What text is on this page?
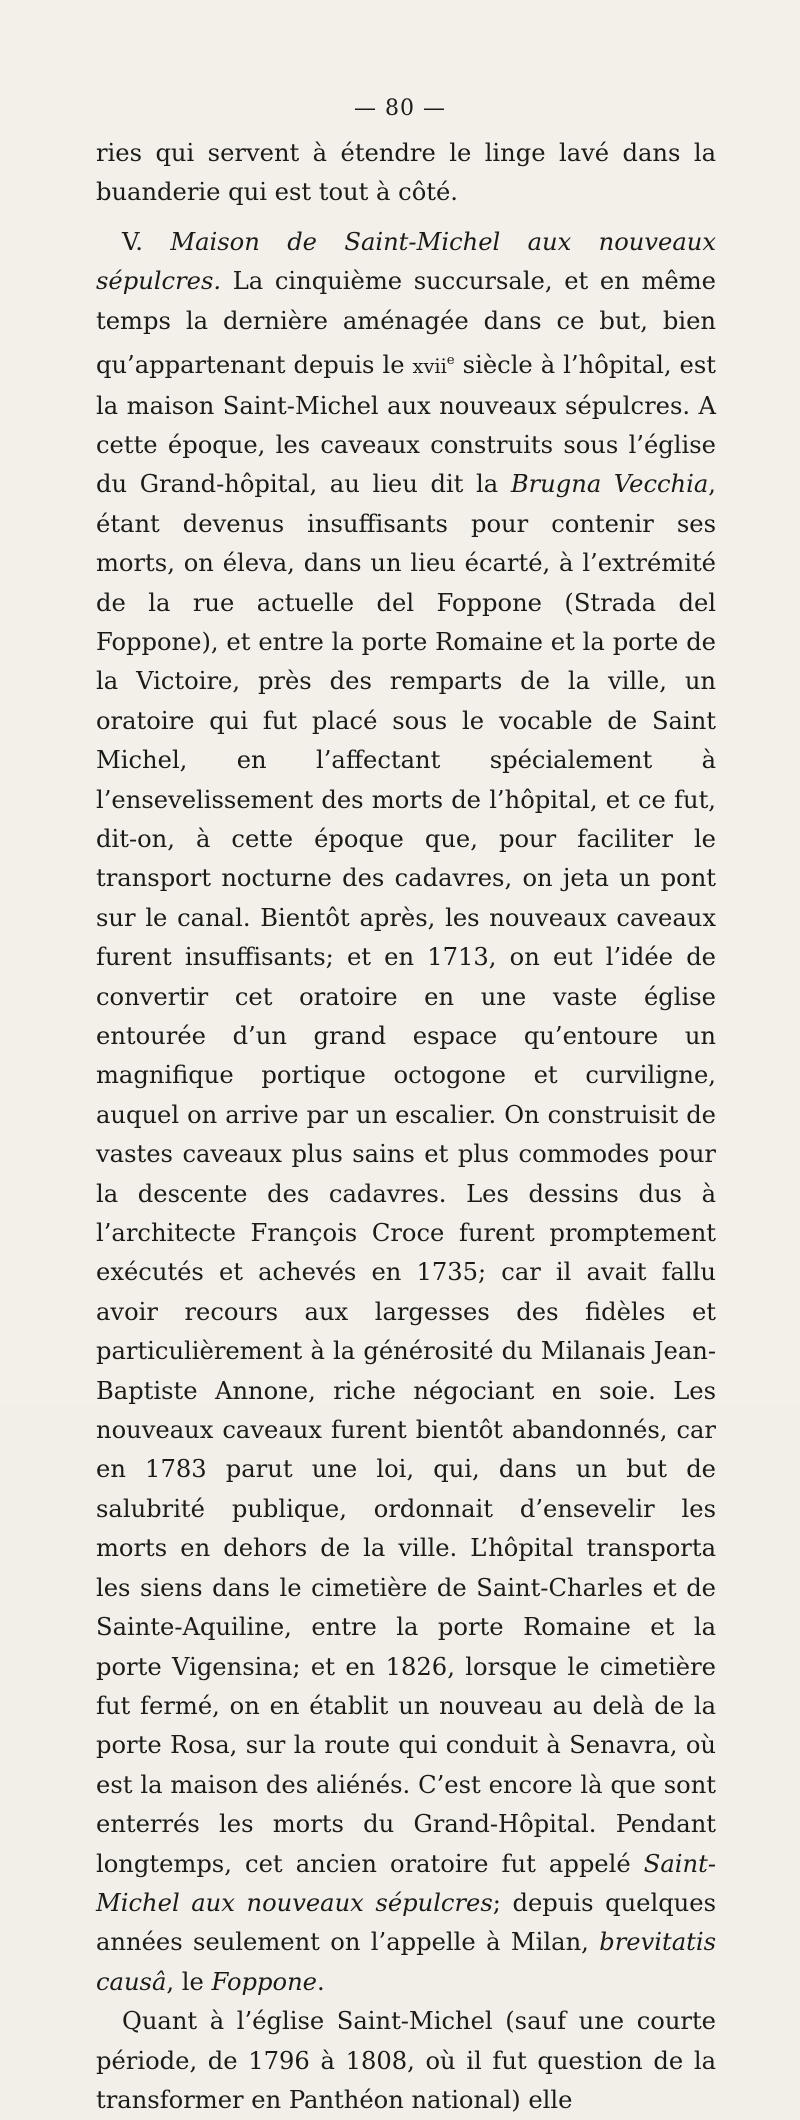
— 80 —

ries qui servent à étendre le linge lavé dans la buanderie qui est tout à côté.

V. Maison de Saint-Michel aux nouveaux sépulcres. La cinquième succursale, et en même temps la dernière aménagée dans ce but, bien qu’appartenant depuis le xvii$^e$ siècle à l’hôpital, est la maison Saint-Michel aux nouveaux sépulcres. A cette époque, les caveaux construits sous l’église du Grand-hôpital, au lieu dit la Brugna Vecchia, étant devenus insuffisants pour contenir ses morts, on éleva, dans un lieu écarté, à l’extrémité de la rue actuelle del Foppone (Strada del Foppone), et entre la porte Romaine et la porte de la Victoire, près des remparts de la ville, un oratoire qui fut placé sous le vocable de Saint Michel, en l’affectant spécialement à l’ensevelissement des morts de l’hôpital, et ce fut, dit-on, à cette époque que, pour faciliter le transport nocturne des cadavres, on jeta un pont sur le canal. Bientôt après, les nouveaux caveaux furent insuffisants; et en 1713, on eut l’idée de convertir cet oratoire en une vaste église entourée d’un grand espace qu’entoure un magnifique portique octogone et curviligne, auquel on arrive par un escalier. On construisit de vastes caveaux plus sains et plus commodes pour la descente des cadavres. Les dessins dus à l’architecte François Croce furent promptement exécutés et achevés en 1735; car il avait fallu avoir recours aux largesses des fidèles et particulièrement à la générosité du Milanais Jean-Baptiste Annone, riche négociant en soie. Les nouveaux caveaux furent bientôt abandonnés, car en 1783 parut une loi, qui, dans un but de salubrité publique, ordonnait d’ensevelir les morts en dehors de la ville. L’hôpital transporta les siens dans le cimetière de Saint-Charles et de Sainte-Aquiline, entre la porte Romaine et la porte Vigensina; et en 1826, lorsque le cimetière fut fermé, on en établit un nouveau au delà de la porte Rosa, sur la route qui conduit à Senavra, où est la maison des aliénés. C’est encore là que sont enterrés les morts du Grand-Hôpital. Pendant longtemps, cet ancien oratoire fut appelé Saint-Michel aux nouveaux sépulcres; depuis quelques années seulement on l’appelle à Milan, brevitatis causâ, le Foppone.

Quant à l’église Saint-Michel (sauf une courte période, de 1796 à 1808, où il fut question de la transformer en Panthéon national) elle
